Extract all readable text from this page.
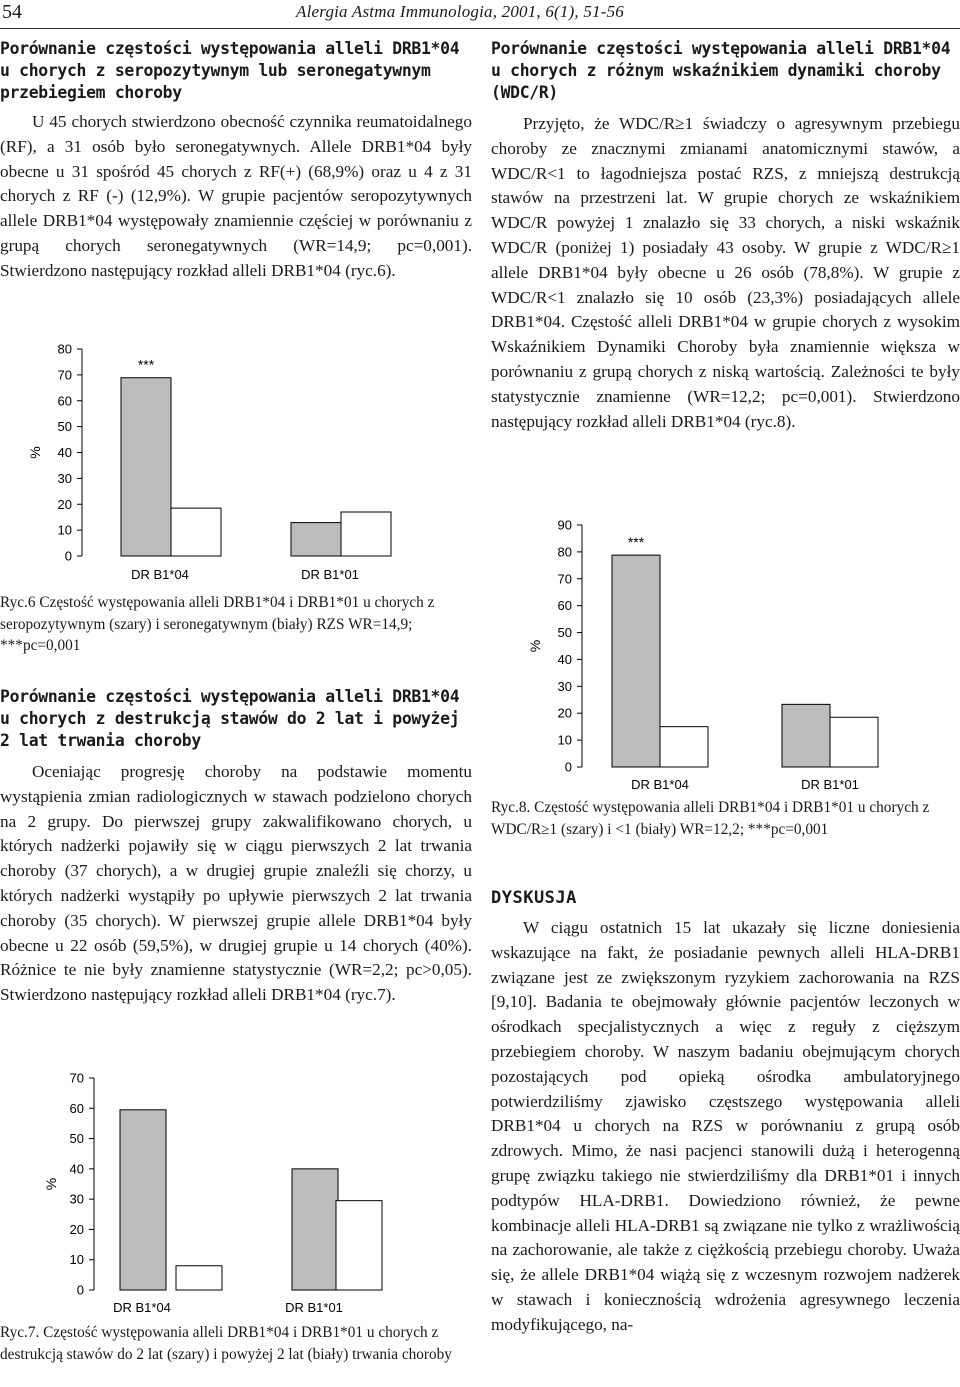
54	Alergia Astma Immunologia, 2001, 6(1), 51-56
Porównanie częstości występowania alleli DRB1*04 u chorych z seropozytywnym lub seronegatywnym przebiegiem choroby

U 45 chorych stwierdzono obecność czynnika reumatoidalnego (RF), a 31 osób było seronegatywnych. Allele DRB1*04 były obecne u 31 spośród 45 chorych z RF(+) (68,9%) oraz u 4 z 31 chorych z RF (-) (12,9%). W grupie pacjentów seropozytywnych allele DRB1*04 występowały znamiennie częściej w porównaniu z grupą chorych seronegatywnych (WR=14,9; pc=0,001). Stwierdzono następujący rozkład alleli DRB1*04 (ryc.6).

0
10
20
30
40
50
60
70
80
%
DR B1*04	DR B1*01
***
Ryc.6 Częstość występowania alleli DRB1*04 i DRB1*01 u chorych z seropozytywnym (szary) i seronegatywnym (biały) RZS WR=14,9; ***pc=0,001
Porównanie częstości występowania alleli DRB1*04 u chorych z destrukcją stawów do 2 lat i powyżej 2 lat trwania choroby

Oceniając progresję choroby na podstawie momentu wystąpienia zmian radiologicznych w stawach podzielono chorych na 2 grupy. Do pierwszej grupy zakwalifikowano chorych, u których nadżerki pojawiły się w ciągu pierwszych 2 lat trwania choroby (37 chorych), a w drugiej grupie znaleźli się chorzy, u których nadżerki wystąpiły po upływie pierwszych 2 lat trwania choroby (35 chorych). W pierwszej grupie allele DRB1*04 były obecne u 22 osób (59,5%), w drugiej grupie u 14 chorych (40%). Różnice te nie były znamienne statystycznie (WR=2,2; pc>0,05). Stwierdzono następujący rozkład alleli DRB1*04 (ryc.7).

0
10
20
30
40
50
60
70
%
DR B1*04	DR B1*01
Ryc.7. Częstość występowania alleli DRB1*04 i DRB1*01 u chorych z destrukcją stawów do 2 lat (szary) i powyżej 2 lat (biały) trwania choroby
Porównanie częstości występowania alleli DRB1*04 u chorych z różnym wskaźnikiem dynamiki choroby (WDC/R)

Przyjęto, że WDC/R≥1 świadczy o agresywnym przebiegu choroby ze znacznymi zmianami anatomicznymi stawów, a WDC/R<1 to łagodniejsza postać RZS, z mniejszą destrukcją stawów na przestrzeni lat. W grupie chorych ze wskaźnikiem WDC/R powyżej 1 znalazło się 33 chorych, a niski wskaźnik WDC/R (poniżej 1) posiadały 43 osoby. W grupie z WDC/R≥1 allele DRB1*04 były obecne u 26 osób (78,8%). W grupie z WDC/R<1 znalazło się 10 osób (23,3%) posiadających allele DRB1*04. Częstość alleli DRB1*04 w grupie chorych z wysokim Wskaźnikiem Dynamiki Choroby była znamiennie większa w porównaniu z grupą chorych z niską wartością. Zależności te były statystycznie znamienne (WR=12,2; pc=0,001). Stwierdzono następujący rozkład alleli DRB1*04 (ryc.8).

0
10
20
30
40
50
60
70
80
90
%
DR B1*04	DR B1*01
***
Ryc.8. Częstość występowania alleli DRB1*04 i DRB1*01 u chorych z WDC/R≥1 (szary) i <1 (biały) WR=12,2; ***pc=0,001
DYSKUSJA

W ciągu ostatnich 15 lat ukazały się liczne doniesienia wskazujące na fakt, że posiadanie pewnych alleli HLA-DRB1 związane jest ze zwiększonym ryzykiem zachorowania na RZS [9,10]. Badania te obejmowały głównie pacjentów leczonych w ośrodkach specjalistycznych a więc z reguły z cięższym przebiegiem choroby. W naszym badaniu obejmującym chorych pozostających pod opieką ośrodka ambulatoryjnego potwierdziliśmy zjawisko częstszego występowania alleli DRB1*04 u chorych na RZS w porównaniu z grupą osób zdrowych. Mimo, że nasi pacjenci stanowili dużą i heterogenną grupę związku takiego nie stwierdziliśmy dla DRB1*01 i innych podtypów HLA-DRB1. Dowiedziono również, że pewne kombinacje alleli HLA-DRB1 są związane nie tylko z wrażliwością na zachorowanie, ale także z ciężkością przebiegu choroby. Uważa się, że allele DRB1*04 wiążą się z wczesnym rozwojem nadżerek w stawach i koniecznością wdrożenia agresywnego leczenia modyfikującego, na-
